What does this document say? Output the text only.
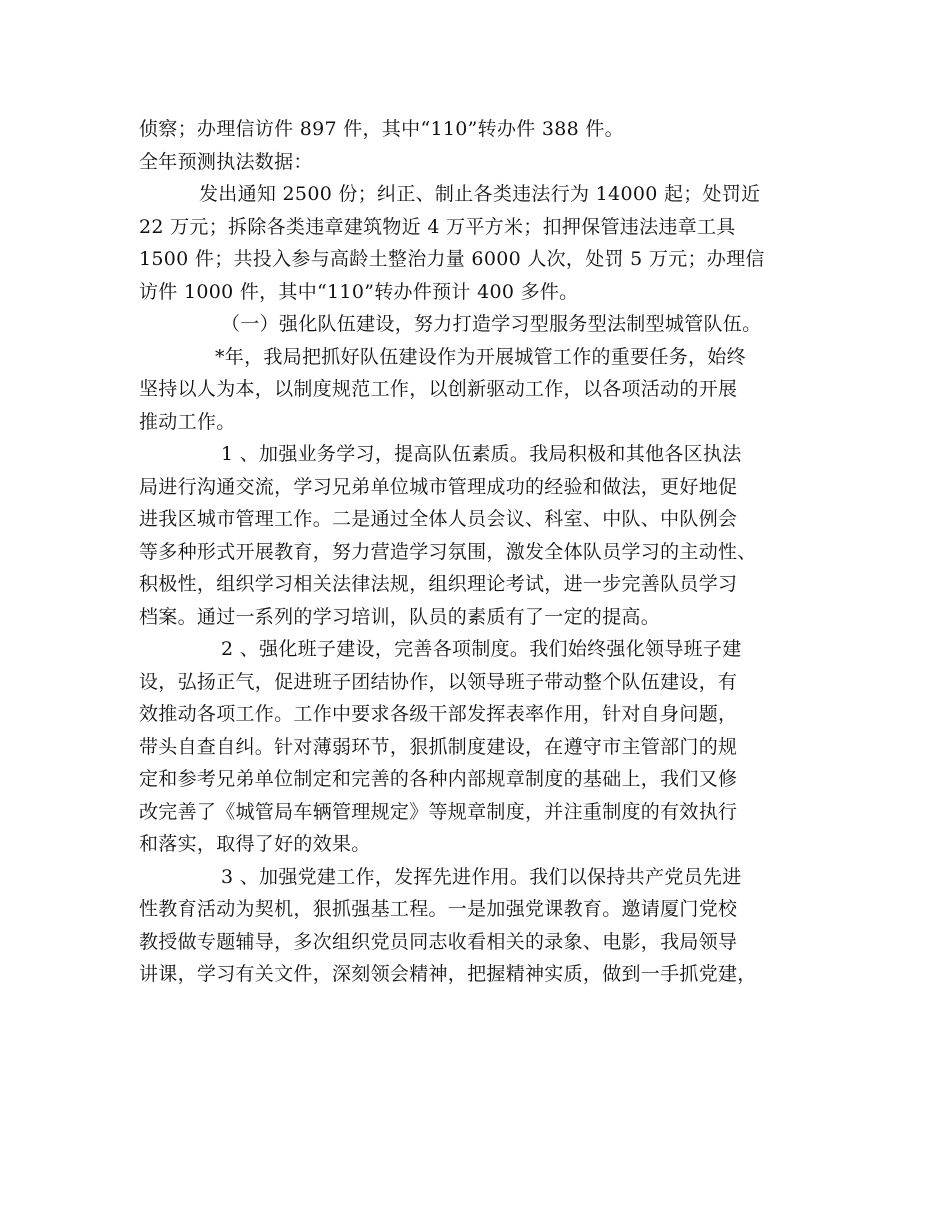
侦察；办理信访件 897 件，其中“110”转办件 388 件。
全年预测执法数据：
发出通知 2500 份；纠正、制止各类违法行为 14000 起；处罚近
22 万元；拆除各类违章建筑物近 4 万平方米；扣押保管违法违章工具
1500 件；共投入参与高龄土整治力量 6000 人次，处罚 5 万元；办理信
访件 1000 件，其中“110”转办件预计 400 多件。
（一）强化队伍建设，努力打造学习型服务型法制型城管队伍。
*年，我局把抓好队伍建设作为开展城管工作的重要任务，始终
坚持以人为本，以制度规范工作，以创新驱动工作，以各项活动的开展
推动工作。
1 、加强业务学习，提高队伍素质。我局积极和其他各区执法
局进行沟通交流，学习兄弟单位城市管理成功的经验和做法，更好地促
进我区城市管理工作。二是通过全体人员会议、科室、中队、中队例会
等多种形式开展教育，努力营造学习氛围，激发全体队员学习的主动性、
积极性，组织学习相关法律法规，组织理论考试，进一步完善队员学习
档案。通过一系列的学习培训，队员的素质有了一定的提高。
2 、强化班子建设，完善各项制度。我们始终强化领导班子建
设，弘扬正气，促进班子团结协作，以领导班子带动整个队伍建设，有
效推动各项工作。工作中要求各级干部发挥表率作用，针对自身问题，
带头自查自纠。针对薄弱环节，狠抓制度建设，在遵守市主管部门的规
定和参考兄弟单位制定和完善的各种内部规章制度的基础上，我们又修
改完善了《城管局车辆管理规定》等规章制度，并注重制度的有效执行
和落实，取得了好的效果。
3 、加强党建工作，发挥先进作用。我们以保持共产党员先进
性教育活动为契机，狠抓强基工程。一是加强党课教育。邀请厦门党校
教授做专题辅导，多次组织党员同志收看相关的录象、电影，我局领导
讲课，学习有关文件，深刻领会精神，把握精神实质，做到一手抓党建，
